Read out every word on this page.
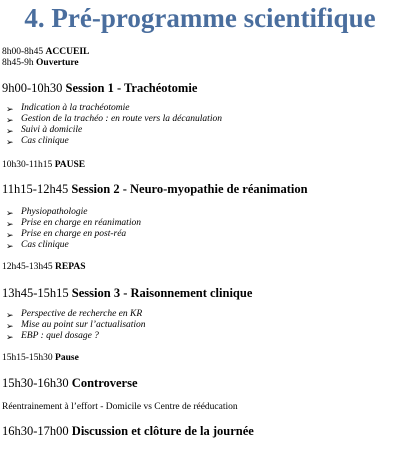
4. Pré-programme scientifique
8h00-8h45 ACCUEIL
8h45-9h Ouverture
9h00-10h30 Session 1 - Trachéotomie
➢ Indication à la trachéotomie
➢ Gestion de la trachéo : en route vers la décanulation
➢ Suivi à domicile
➢ Cas clinique
10h30-11h15 PAUSE
11h15-12h45 Session 2 - Neuro-myopathie de réanimation
➢ Physiopathologie
➢ Prise en charge en réanimation
➢ Prise en charge en post-réa
➢ Cas clinique
12h45-13h45 REPAS
13h45-15h15 Session 3 - Raisonnement clinique
➢ Perspective de recherche en KR
➢ Mise au point sur l’actualisation
➢ EBP : quel dosage ?
15h15-15h30 Pause
15h30-16h30 Controverse
Réentrainement à l’effort - Domicile vs Centre de rééducation
16h30-17h00 Discussion et clôture de la journée
